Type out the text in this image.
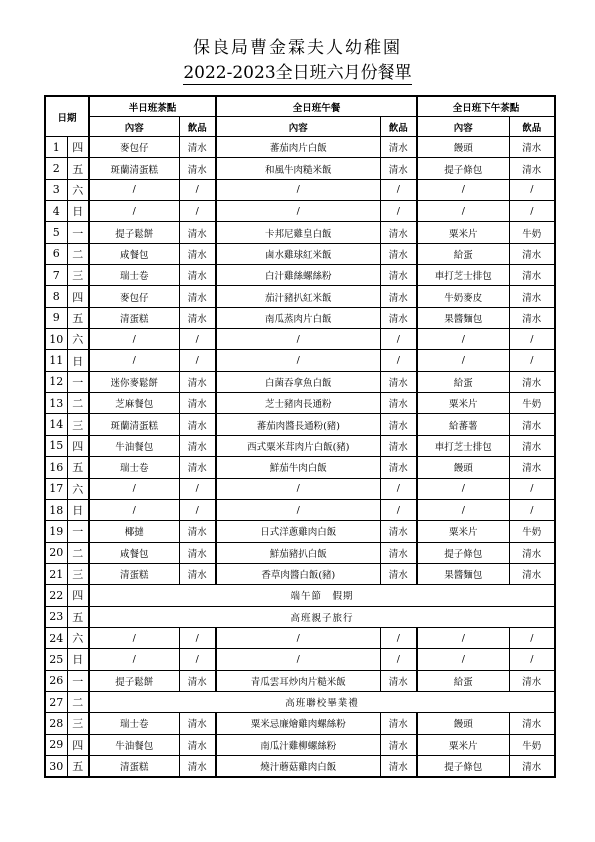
保良局曹金霖夫人幼稚園
2022-2023全日班六月份餐單
日期		半日班茶點		全日班午餐		全日班下午茶點	
		內容	飲品	內容	飲品	內容	飲品
1	四	麥包仔	清水	蕃茄肉片白飯	清水	饅頭	清水
2	五	斑蘭清蛋糕	清水	和風牛肉糙米飯	清水	提子條包	清水
3	六	/	/	/	/	/	/
4	日	/	/	/	/	/	/
5	一	提子鬆餅	清水	卡邦尼雞皇白飯	清水	粟米片	牛奶
6	二	咸餐包	清水	鹵水雞球紅米飯	清水	給蛋	清水
7	三	瑞士卷	清水	白汁雞絲螺絲粉	清水	車打芝士排包	清水
8	四	麥包仔	清水	茄汁豬扒紅米飯	清水	牛奶麥皮	清水
9	五	清蛋糕	清水	南瓜蒸肉片白飯	清水	果醬麵包	清水
10	六	/	/	/	/	/	/
11	日	/	/	/	/	/	/
12	一	迷你麥鬆餅	清水	白菌吞拿魚白飯	清水	給蛋	清水
13	二	芝麻餐包	清水	芝士豬肉長通粉	清水	粟米片	牛奶
14	三	斑蘭清蛋糕	清水	蕃茄肉醬長通粉(豬)	清水	給蕃薯	清水
15	四	牛油餐包	清水	西式粟米茸肉片白飯(豬)	清水	車打芝士排包	清水
16	五	瑞士卷	清水	鮮茄牛肉白飯	清水	饅頭	清水
17	六	/	/	/	/	/	/
18	日	/	/	/	/	/	/
19	一	椰撻	清水	日式洋蔥雞肉白飯	清水	粟米片	牛奶
20	二	咸餐包	清水	鮮茄豬扒白飯	清水	提子條包	清水
21	三	清蛋糕	清水	香草肉醬白飯(豬)	清水	果醬麵包	清水
22	四	端午節　假期					
23	五	高班親子旅行					
24	六	/	/	/	/	/	/
25	日	/	/	/	/	/	/
26	一	提子鬆餅	清水	青瓜雲耳炒肉片糙米飯	清水	給蛋	清水
27	二	高班聯校畢業禮					
28	三	瑞士卷	清水	粟米忌廉燴雞肉螺絲粉	清水	饅頭	清水
29	四	牛油餐包	清水	南瓜汁雞柳螺絲粉	清水	粟米片	牛奶
30	五	清蛋糕	清水	燒汁蘑菇雞肉白飯	清水	提子條包	清水
